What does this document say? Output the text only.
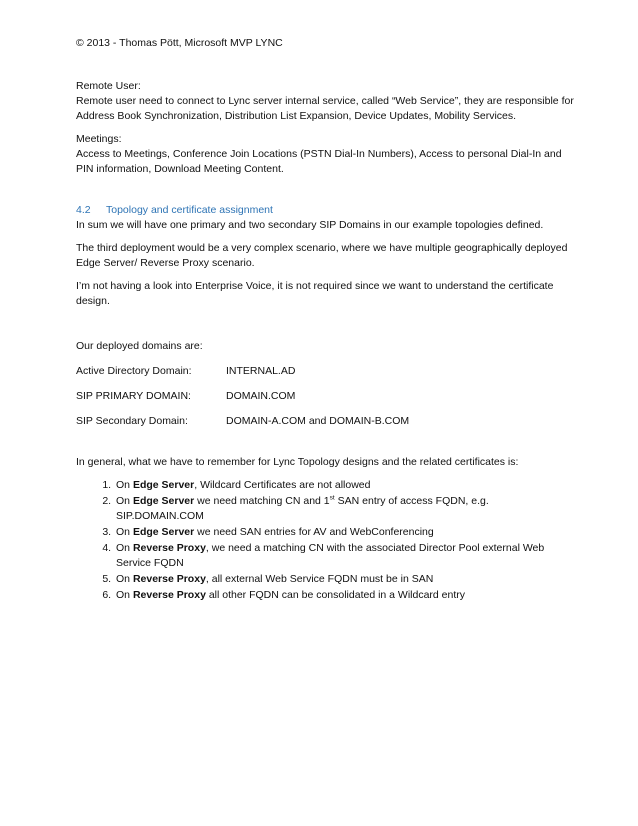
© 2013 - Thomas Pött, Microsoft MVP LYNC

Remote User:

Remote user need to connect to Lync server internal service, called “Web Service”, they are responsible for Address Book Synchronization, Distribution List Expansion, Device Updates, Mobility Services.

Meetings:

Access to Meetings, Conference Join Locations (PSTN Dial-In Numbers), Access to personal Dial-In and PIN information, Download Meeting Content.

4.2 Topology and certificate assignment

In sum we will have one primary and two secondary SIP Domains in our example topologies defined.

The third deployment would be a very complex scenario, where we have multiple geographically deployed Edge Server/ Reverse Proxy scenario.

I’m not having a look into Enterprise Voice, it is not required since we want to understand the certificate design.

Our deployed domains are:

Active Directory Domain:	INTERNAL.AD
SIP PRIMARY DOMAIN:	DOMAIN.COM
SIP Secondary Domain:	DOMAIN-A.COM and DOMAIN-B.COM

In general, what we have to remember for Lync Topology designs and the related certificates is:

1. On Edge Server, Wildcard Certificates are not allowed
2. On Edge Server we need matching CN and 1st SAN entry of access FQDN, e.g. SIP.DOMAIN.COM
3. On Edge Server we need SAN entries for AV and WebConferencing
4. On Reverse Proxy, we need a matching CN with the associated Director Pool external Web Service FQDN
5. On Reverse Proxy, all external Web Service FQDN must be in SAN
6. On Reverse Proxy all other FQDN can be consolidated in a Wildcard entry
